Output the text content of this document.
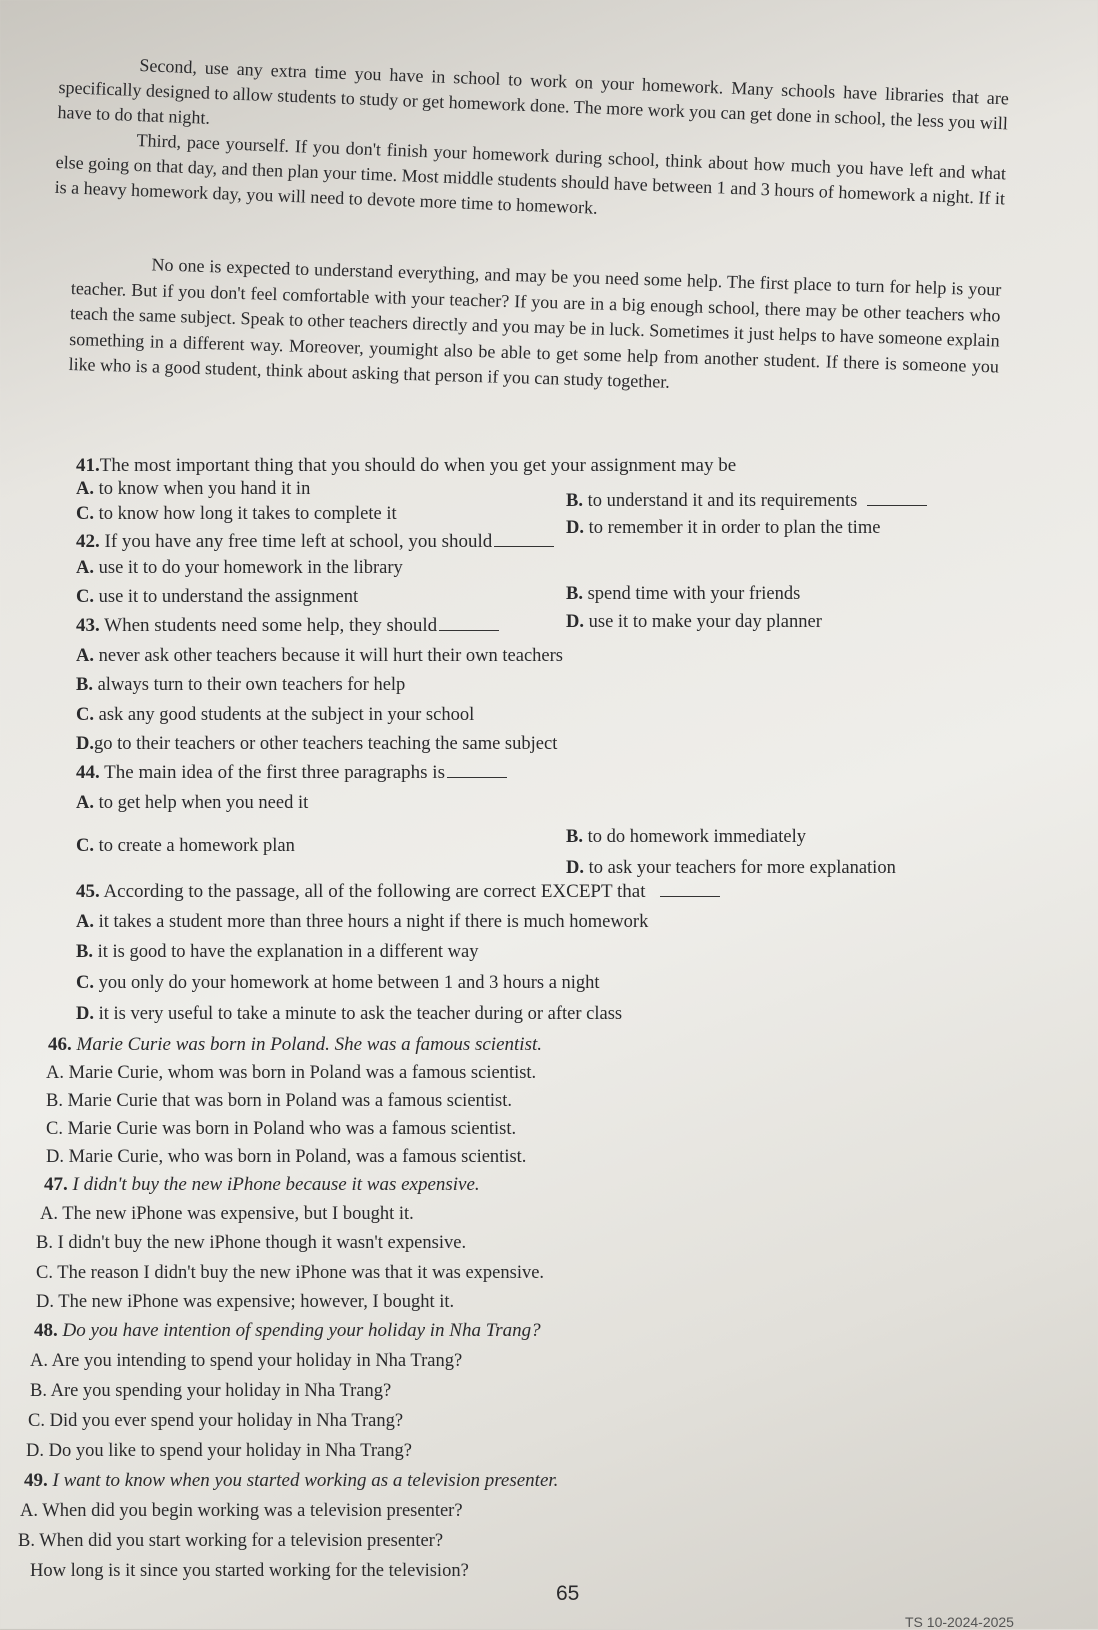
Second, use any extra time you have in school to work on your homework. Many schools have libraries that are specifically designed to allow students to study or get homework done. The more work you can get done in school, the less you will have to do that night.

Third, pace yourself. If you don't finish your homework during school, think about how much you have left and what else going on that day, and then plan your time. Most middle students should have between 1 and 3 hours of homework a night. If it is a heavy homework day, you will need to devote more time to homework.

No one is expected to understand everything, and may be you need some help. The first place to turn for help is your teacher. But if you don't feel comfortable with your teacher? If you are in a big enough school, there may be other teachers who teach the same subject. Speak to other teachers directly and you may be in luck. Sometimes it just helps to have someone explain something in a different way. Moreover, youmight also be able to get some help from another student. If there is someone you like who is a good student, think about asking that person if you can study together.

41.The most important thing that you should do when you get your assignment may be
A. to know when you hand it in
B. to understand it and its requirements
C. to know how long it takes to complete it
D. to remember it in order to plan the time
42. If you have any free time left at school, you should
A. use it to do your homework in the library
B. spend time with your friends
C. use it to understand the assignment
D. use it to make your day planner
43. When students need some help, they should
A. never ask other teachers because it will hurt their own teachers
B. always turn to their own teachers for help
C. ask any good students at the subject in your school
D.go to their teachers or other teachers teaching the same subject
44. The main idea of the first three paragraphs is
A. to get help when you need it
B. to do homework immediately
C. to create a homework plan
D. to ask your teachers for more explanation
45. According to the passage, all of the following are correct EXCEPT that
A. it takes a student more than three hours a night if there is much homework
B. it is good to have the explanation in a different way
C. you only do your homework at home between 1 and 3 hours a night
D. it is very useful to take a minute to ask the teacher during or after class
46. Marie Curie was born in Poland. She was a famous scientist.
A. Marie Curie, whom was born in Poland was a famous scientist.
B. Marie Curie that was born in Poland was a famous scientist.
C. Marie Curie was born in Poland who was a famous scientist.
D. Marie Curie, who was born in Poland, was a famous scientist.
47. I didn't buy the new iPhone because it was expensive.
A. The new iPhone was expensive, but I bought it.
B. I didn't buy the new iPhone though it wasn't expensive.
C. The reason I didn't buy the new iPhone was that it was expensive.
D. The new iPhone was expensive; however, I bought it.
48. Do you have intention of spending your holiday in Nha Trang?
A. Are you intending to spend your holiday in Nha Trang?
B. Are you spending your holiday in Nha Trang?
C. Did you ever spend your holiday in Nha Trang?
D. Do you like to spend your holiday in Nha Trang?
49. I want to know when you started working as a television presenter.
A. When did you begin working was a television presenter?
B. When did you start working for a television presenter?
How long is it since you started working for the television?
65
TS 10-2024-2025
